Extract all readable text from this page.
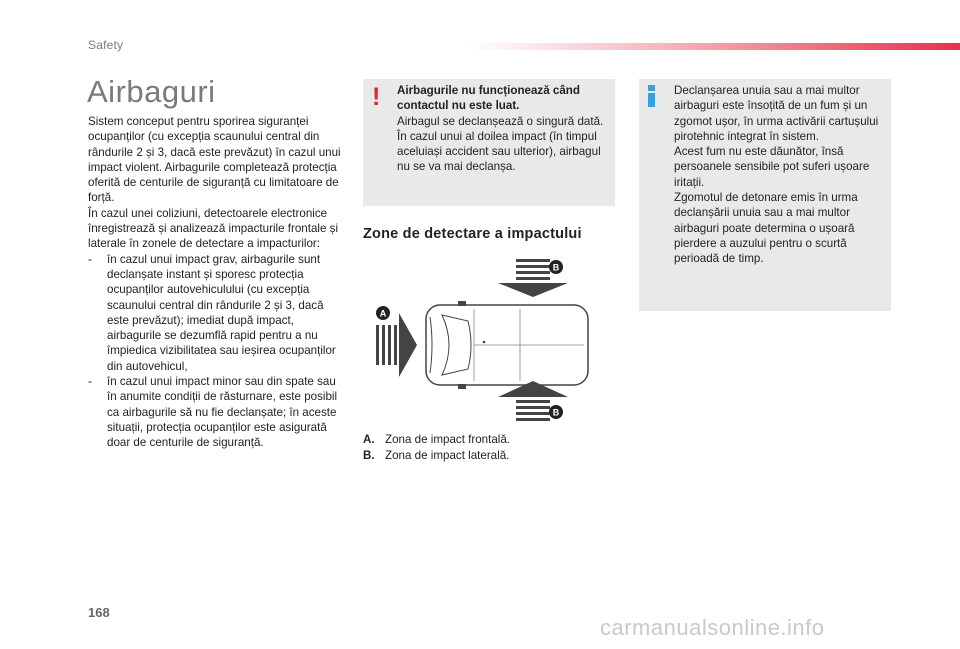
Safety
Airbaguri

Sistem conceput pentru sporirea siguranței ocupanților (cu excepția scaunului central din rândurile 2 și 3, dacă este prevăzut) în cazul unui impact violent. Airbagurile completează protecția oferită de centurile de siguranță cu limitatoare de forță.

În cazul unei coliziuni, detectoarele electronice înregistrează și analizează impacturile frontale și laterale în zonele de detectare a impacturilor:

- în cazul unui impact grav, airbagurile sunt declanșate instant și sporesc protecția ocupanților autovehiculului (cu excepția scaunului central din rândurile 2 și 3, dacă este prevăzut); imediat după impact, airbagurile se dezumflă rapid pentru a nu împiedica vizibilitatea sau ieșirea ocupanților din autovehicul,
- în cazul unui impact minor sau din spate sau în anumite condiții de răsturnare, este posibil ca airbagurile să nu fie declanșate; în aceste situații, protecția ocupanților este asigurată doar de centurile de siguranță.
! Airbagurile nu funcționează când contactul nu este luat.
Airbagul se declanșează o singură dată. În cazul unui al doilea impact (în timpul aceluiași accident sau ulterior), airbagul nu se va mai declanșa.
Zone de detectare a impactului
B
A
B
A. Zona de impact frontală.
B. Zona de impact laterală.

Declanșarea unuia sau a mai multor airbaguri este însoțită de un fum și un zgomot ușor, în urma activării cartușului pirotehnic integrat în sistem.

Acest fum nu este dăunător, însă persoanele sensibile pot suferi ușoare iritații.

Zgomotul de detonare emis în urma declanșării unuia sau a mai multor airbaguri poate determina o ușoară pierdere a auzului pentru o scurtă perioadă de timp.

168
carmanualsonline.info
